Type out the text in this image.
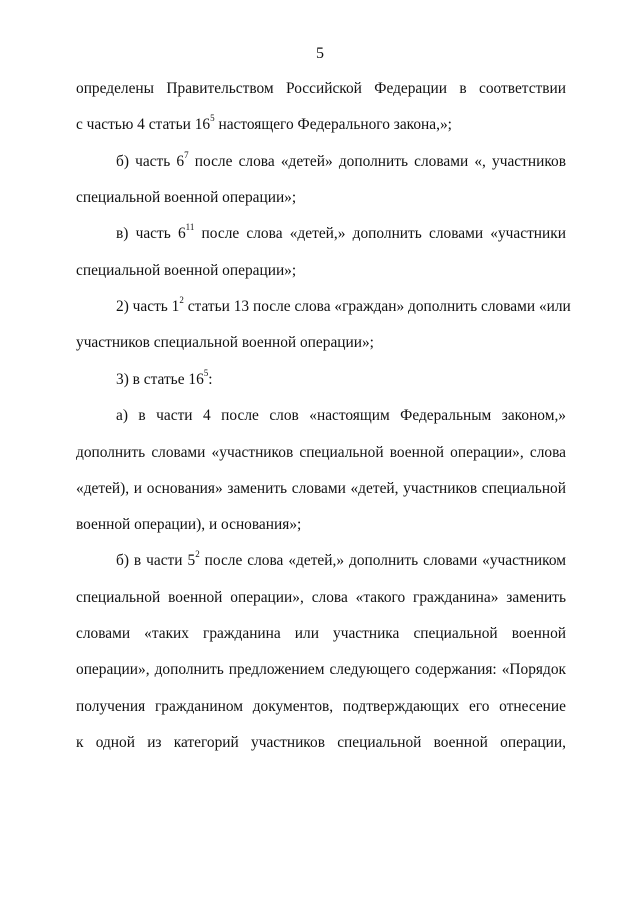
5
определены Правительством Российской Федерации в соответствии
с частью 4 статьи $16^5$ настоящего Федерального закона,»;
б) часть $6^7$ после слова «детей» дополнить словами «, участников
специальной военной операции»;
в) часть $6^{11}$ после слова «детей,» дополнить словами «участники
специальной военной операции»;
2) часть $1^2$ статьи 13 после слова «граждан» дополнить словами «или
участников специальной военной операции»;
3) в статье $16^5$:
а) в части 4 после слов «настоящим Федеральным законом,»
дополнить словами «участников специальной военной операции», слова
«детей), и основания» заменить словами «детей, участников специальной
военной операции), и основания»;
б) в части $5^2$ после слова «детей,» дополнить словами «участником
специальной военной операции», слова «такого гражданина» заменить
словами «таких гражданина или участника специальной военной
операции», дополнить предложением следующего содержания: «Порядок
получения гражданином документов, подтверждающих его отнесение
к одной из категорий участников специальной военной операции,
